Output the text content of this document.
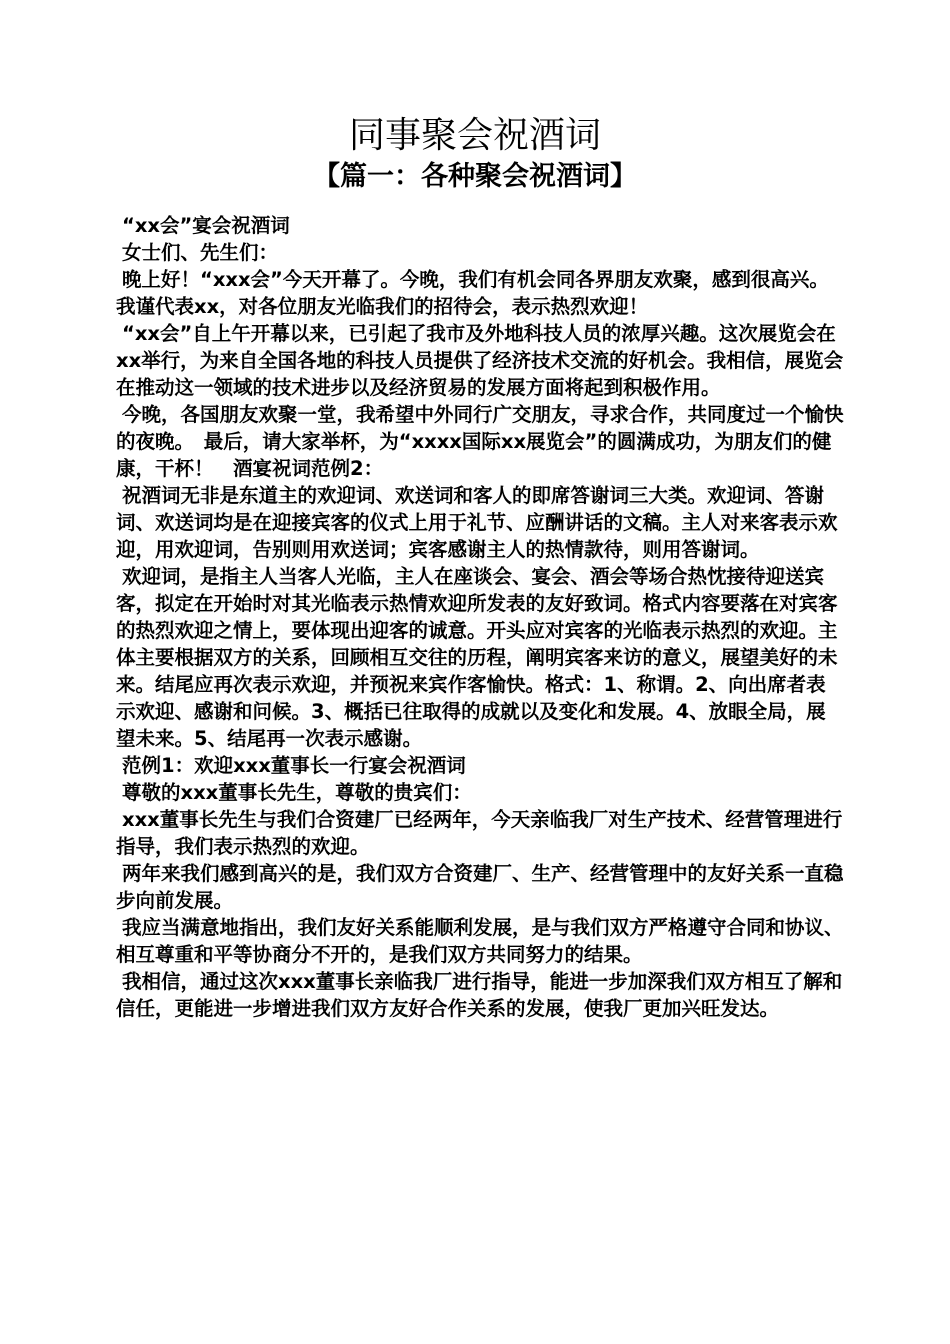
同事聚会祝酒词
【篇一：各种聚会祝酒词】

“xx会”宴会祝酒词

女士们、先生们：

晚上好！“xxx会”今天开幕了。今晚，我们有机会同各界朋友欢聚，感到很高兴。我谨代表xx，对各位朋友光临我们的招待会，表示热烈欢迎！

“xx会”自上午开幕以来，已引起了我市及外地科技人员的浓厚兴趣。这次展览会在xx举行，为来自全国各地的科技人员提供了经济技术交流的好机会。我相信，展览会在推动这一领域的技术进步以及经济贸易的发展方面将起到积极作用。

今晚，各国朋友欢聚一堂，我希望中外同行广交朋友，寻求合作，共同度过一个愉快的夜晚。　最后，请大家举杯，为“xxxx国际xx展览会”的圆满成功，为朋友们的健康，干杯！　酒宴祝词范例2：

祝酒词无非是东道主的欢迎词、欢送词和客人的即席答谢词三大类。欢迎词、答谢词、欢送词均是在迎接宾客的仪式上用于礼节、应酬讲话的文稿。主人对来客表示欢迎，用欢迎词，告别则用欢送词；宾客感谢主人的热情款待，则用答谢词。

欢迎词，是指主人当客人光临，主人在座谈会、宴会、酒会等场合热忱接待迎送宾客，拟定在开始时对其光临表示热情欢迎所发表的友好致词。格式内容要落在对宾客的热烈欢迎之情上，要体现出迎客的诚意。开头应对宾客的光临表示热烈的欢迎。主体主要根据双方的关系，回顾相互交往的历程，阐明宾客来访的意义，展望美好的未来。结尾应再次表示欢迎，并预祝来宾作客愉快。格式：1、称谓。2、向出席者表示欢迎、感谢和问候。3、概括已往取得的成就以及变化和发展。4、放眼全局，展望未来。5、结尾再一次表示感谢。

范例1：欢迎xxx董事长一行宴会祝酒词

尊敬的xxx董事长先生，尊敬的贵宾们：

xxx董事长先生与我们合资建厂已经两年，今天亲临我厂对生产技术、经营管理进行指导，我们表示热烈的欢迎。

两年来我们感到高兴的是，我们双方合资建厂、生产、经营管理中的友好关系一直稳步向前发展。

我应当满意地指出，我们友好关系能顺利发展，是与我们双方严格遵守合同和协议、相互尊重和平等协商分不开的，是我们双方共同努力的结果。

我相信，通过这次xxx董事长亲临我厂进行指导，能进一步加深我们双方相互了解和信任，更能进一步增进我们双方友好合作关系的发展，使我厂更加兴旺发达。
